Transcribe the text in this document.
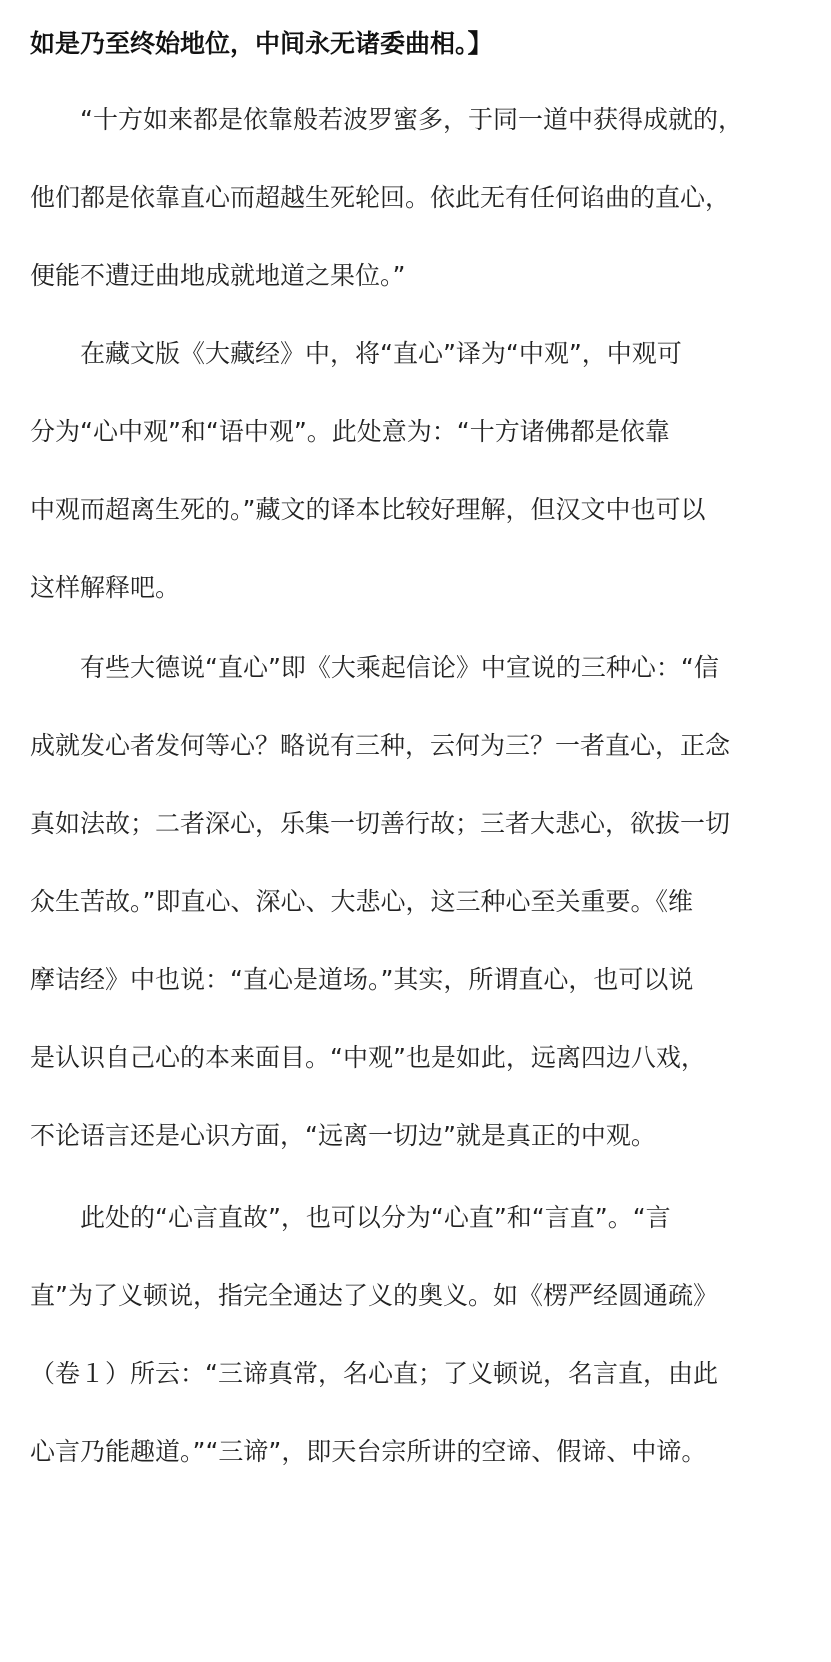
如是乃至终始地位，中间永无诸委曲相。】
“十方如来都是依靠般若波罗蜜多，于同一道中获得成就的，
他们都是依靠直心而超越生死轮回。依此无有任何谄曲的直心，
便能不遭迂曲地成就地道之果位。”
在藏文版《大藏经》中，将“直心”译为“中观”，中观可
分为“心中观”和“语中观”。此处意为：“十方诸佛都是依靠
中观而超离生死的。”藏文的译本比较好理解，但汉文中也可以
这样解释吧。
有些大德说“直心”即《大乘起信论》中宣说的三种心：“信
成就发心者发何等心？略说有三种，云何为三？一者直心，正念
真如法故；二者深心，乐集一切善行故；三者大悲心，欲拔一切
众生苦故。”即直心、深心、大悲心，这三种心至关重要。《维
摩诘经》中也说：“直心是道场。”其实，所谓直心，也可以说
是认识自己心的本来面目。“中观”也是如此，远离四边八戏，
不论语言还是心识方面，“远离一切边”就是真正的中观。
此处的“心言直故”，也可以分为“心直”和“言直”。“言
直”为了义顿说，指完全通达了义的奥义。如《楞严经圆通疏》
（卷１）所云：“三谛真常，名心直；了义顿说，名言直，由此
心言乃能趣道。”“三谛”，即天台宗所讲的空谛、假谛、中谛。
